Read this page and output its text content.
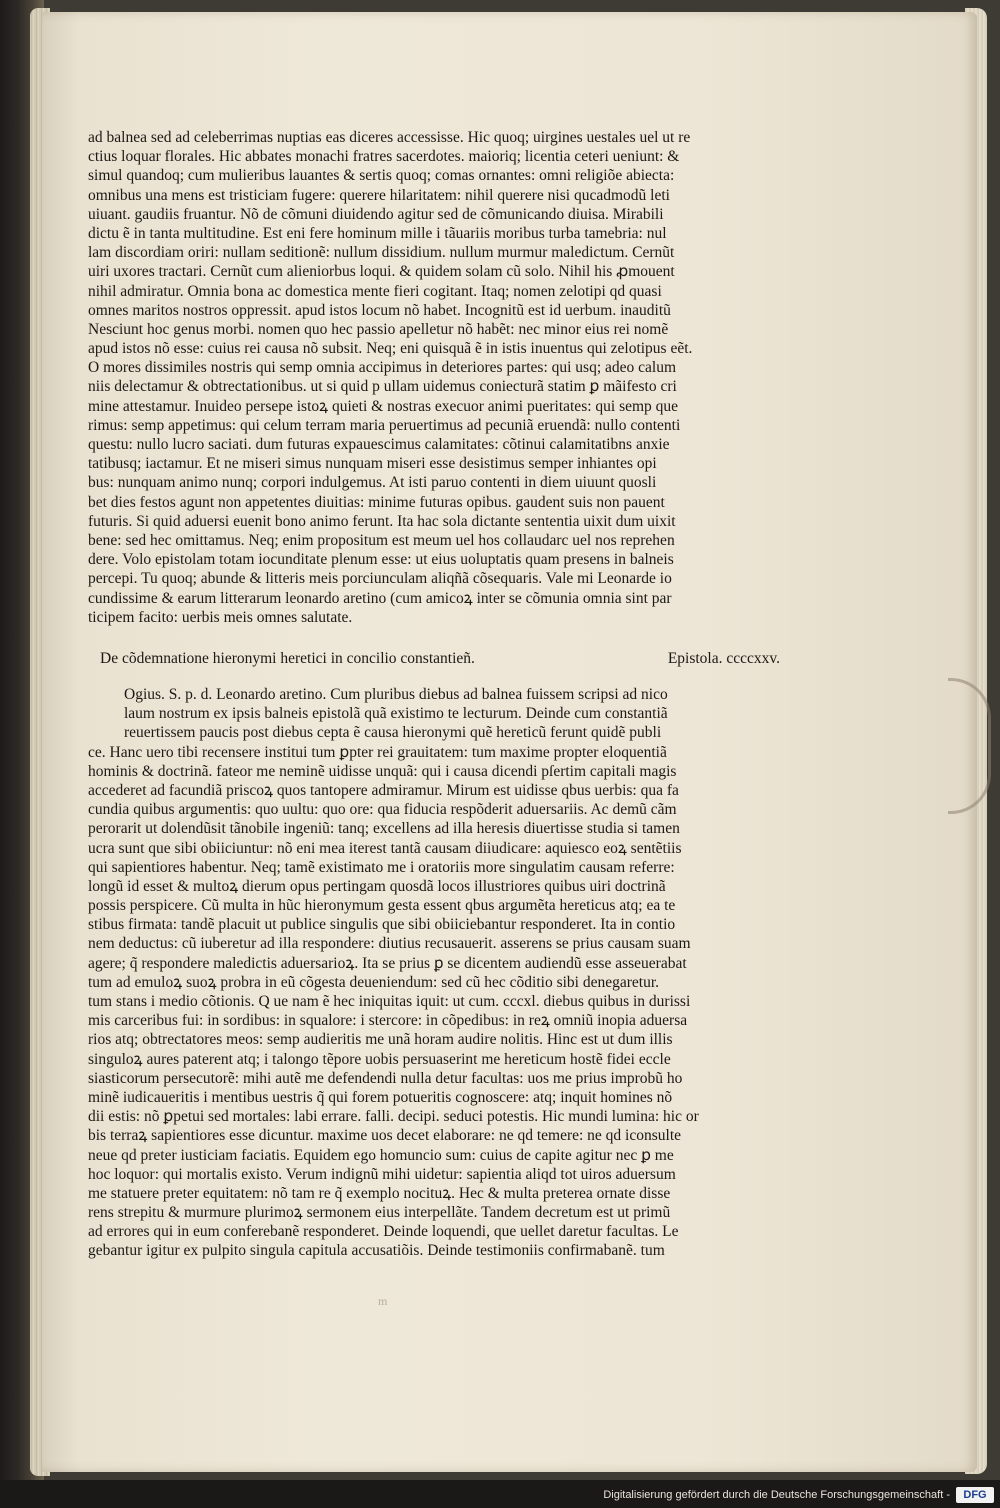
ad balnea sed ad celeberrimas nuptias eas diceres accessisse. Hic quoq; uirgines uestales uel ut re
ctius loquar florales. Hic abbates monachi fratres sacerdotes. maioriq; licentia ceteri ueniunt: &
simul quandoq; cum mulieribus lauantes & sertis quoq; comas ornantes: omni religiõe abiecta:
omnibus una mens est tristiciam fugere: querere hilaritatem: nihil querere nisi qucadmodũ leti
uiuant. gaudiis fruantur. Nõ de cõmuni diuidendo agitur sed de cõmunicando diuisa. Mirabili
dictu ẽ in tanta multitudine. Est eni fere hominum mille i tãuariis moribus turba tamebria: nul
lam discordiam oriri: nullam seditionẽ: nullum dissidium. nullum murmur maledictum. Cernũt
uiri uxores tractari. Cernũt cum alieniorbus loqui. & quidem solam cũ solo. Nihil his ꝓmouent
nihil admiratur. Omnia bona ac domestica mente fieri cogitant. Itaq; nomen zelotipi qd quasi
omnes maritos nostros oppressit. apud istos locum nõ habet. Incognitũ est id uerbum. inauditũ
Nesciunt hoc genus morbi. nomen quo hec passio apelletur nõ habẽt: nec minor eius rei nomẽ
apud istos nõ esse: cuius rei causa nõ subsit. Neq; eni quisquã ẽ in istis inuentus qui zelotipus eẽt.
O mores dissimiles nostris qui semp omnia accipimus in deteriores partes: qui usq; adeo calum
niis delectamur & obtrectationibus. ut si quid p ullam uidemus coniecturã statim ꝑ mãifesto cri
mine attestamur. Inuideo persepe istoꝝ quieti & nostras execuor animi pueritates: qui semp que
rimus: semp appetimus: qui celum terram maria peruertimus ad pecuniã eruendã: nullo contenti
questu: nullo lucro saciati. dum futuras expauescimus calamitates: cõtinui calamitatibns anxie
tatibusq; iactamur. Et ne miseri simus nunquam miseri esse desistimus semper inhiantes opi
bus: nunquam animo nunq; corpori indulgemus. At isti paruo contenti in diem uiuunt quosli
bet dies festos agunt non appetentes diuitias: minime futuras opibus. gaudent suis non pauent
futuris. Si quid aduersi euenit bono animo ferunt. Ita hac sola dictante sententia uixit dum uixit
bene: sed hec omittamus. Neq; enim propositum est meum uel hos collaudarc uel nos reprehen
dere. Volo epistolam totam iocunditate plenum esse: ut eius uoluptatis quam presens in balneis
percepi. Tu quoq; abunde & litteris meis porciunculam aliqñã cõsequaris. Vale mi Leonarde io
cundissime & earum litterarum leonardo aretino (cum amicoꝝ inter se cõmunia omnia sint par
ticipem facito: uerbis meis omnes salutate.
De cõdemnatione hieronymi heretici in concilio constantieñ.	Epistola. ccccxxv.
Ogius. S. p. d. Leonardo aretino. Cum pluribus diebus ad balnea fuissem scripsi ad nico
laum nostrum ex ipsis balneis epistolã quã existimo te lecturum. Deinde cum constantiã
reuertissem paucis post diebus cepta ẽ causa hieronymi quẽ hereticũ ferunt quidẽ publi
ce. Hanc uero tibi recensere institui tum ꝑpter rei grauitatem: tum maxime propter eloquentiã
hominis & doctrinã. fateor me neminẽ uidisse unquã: qui i causa dicendi pſertim capitali magis
accederet ad facundiã priscoꝝ quos tantopere admiramur. Mirum est uidisse qbus uerbis: qua fa
cundia quibus argumentis: quo uultu: quo ore: qua fiducia respõderit aduersariis. Ac demũ cãm
perorarit ut dolendũsit tãnobile ingeniũ: tanq; excellens ad illa heresis diuertisse studia si tamen
ucra sunt que sibi obiiciuntur: nõ eni mea iterest tantã causam diiudicare: aquiesco eoꝝ sentẽtiis
qui sapientiores habentur. Neq; tamẽ existimato me i oratoriis more singulatim causam referre:
longũ id esset & multoꝝ dierum opus pertingam quosdã locos illustriores quibus uiri doctrinã
possis perspicere. Cũ multa in hũc hieronymum gesta essent qbus argumẽta hereticus atq; ea te
stibus firmata: tandẽ placuit ut publice singulis que sibi obiiciebantur responderet. Ita in contio
nem deductus: cũ iuberetur ad illa respondere: diutius recusauerit. asserens se prius causam suam
agere; q̃ respondere maledictis aduersarioꝝ. Ita se prius ꝑ se dicentem audiendũ esse asseuerabat
tum ad emuloꝝ suoꝝ probra in eũ cõgesta deueniendum: sed cũ hec cõditio sibi denegaretur.
tum stans i medio cõtionis. Q ue nam ẽ hec iniquitas iquit: ut cum. cccxl. diebus quibus in durissi
mis carceribus fui: in sordibus: in squalore: i stercore: in cõpedibus: in reꝝ omniũ inopia aduersa
rios atq; obtrectatores meos: semp audieritis me unã horam audire nolitis. Hinc est ut dum illis
singuloꝝ aures paterent atq; i talongo tẽpore uobis persuaserint me hereticum hostẽ fidei eccle
siasticorum persecutorẽ: mihi autẽ me defendendi nulla detur facultas: uos me prius improbũ ho
minẽ iudicaueritis i mentibus uestris q̃ qui forem potueritis cognoscere: atq; inquit homines nõ
dii estis: nõ ꝑpetui sed mortales: labi errare. falli. decipi. seduci potestis. Hic mundi lumina: hic or
bis terraꝝ sapientiores esse dicuntur. maxime uos decet elaborare: ne qd temere: ne qd iconsulte
neue qd preter iusticiam faciatis. Equidem ego homuncio sum: cuius de capite agitur nec ꝑ me
hoc loquor: qui mortalis existo. Verum indignũ mihi uidetur: sapientia aliqd tot uiros aduersum
me statuere preter equitatem: nõ tam re q̃ exemplo nocituꝝ. Hec & multa preterea ornate disse
rens strepitu & murmure plurimoꝝ sermonem eius interpellãte. Tandem decretum est ut primũ
ad errores qui in eum conferebanẽ responderet. Deinde loquendi, que uellet daretur facultas. Le
gebantur igitur ex pulpito singula capitula accusatiõis. Deinde testimoniis confirmabanẽ. tum
m
Digitalisierung gefördert durch die Deutsche Forschungsgemeinschaft -	DFG
